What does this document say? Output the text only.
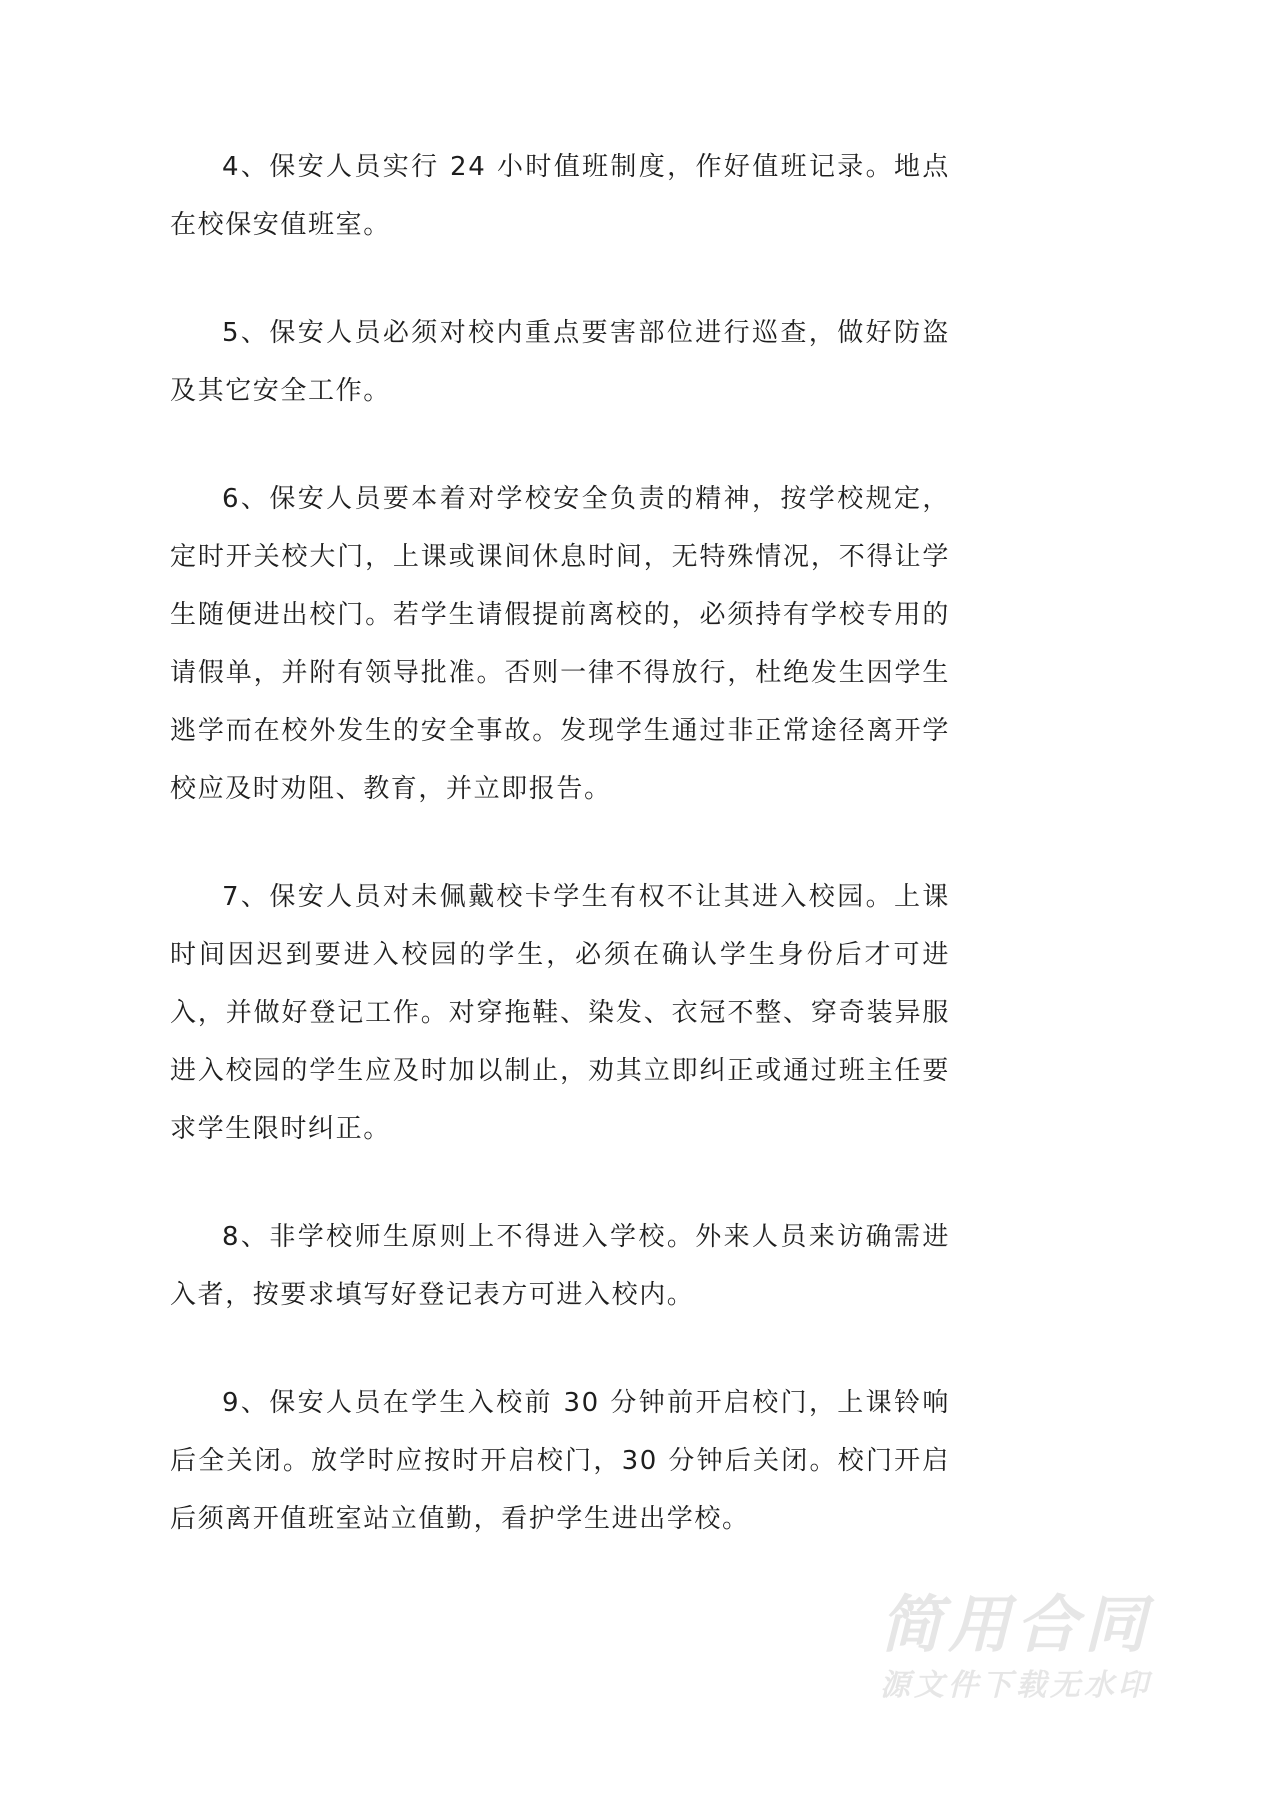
4、保安人员实行 24 小时值班制度，作好值班记录。地点在校保安值班室。

5、保安人员必须对校内重点要害部位进行巡查，做好防盗及其它安全工作。

6、保安人员要本着对学校安全负责的精神，按学校规定，定时开关校大门，上课或课间休息时间，无特殊情况，不得让学生随便进出校门。若学生请假提前离校的，必须持有学校专用的请假单，并附有领导批准。否则一律不得放行，杜绝发生因学生逃学而在校外发生的安全事故。发现学生通过非正常途径离开学校应及时劝阻、教育，并立即报告。

7、保安人员对未佩戴校卡学生有权不让其进入校园。上课时间因迟到要进入校园的学生，必须在确认学生身份后才可进入，并做好登记工作。对穿拖鞋、染发、衣冠不整、穿奇装异服进入校园的学生应及时加以制止，劝其立即纠正或通过班主任要求学生限时纠正。

8、非学校师生原则上不得进入学校。外来人员来访确需进入者，按要求填写好登记表方可进入校内。

9、保安人员在学生入校前 30 分钟前开启校门，上课铃响后全关闭。放学时应按时开启校门，30 分钟后关闭。校门开启后须离开值班室站立值勤，看护学生进出学校。

简用合同
源文件下载无水印
